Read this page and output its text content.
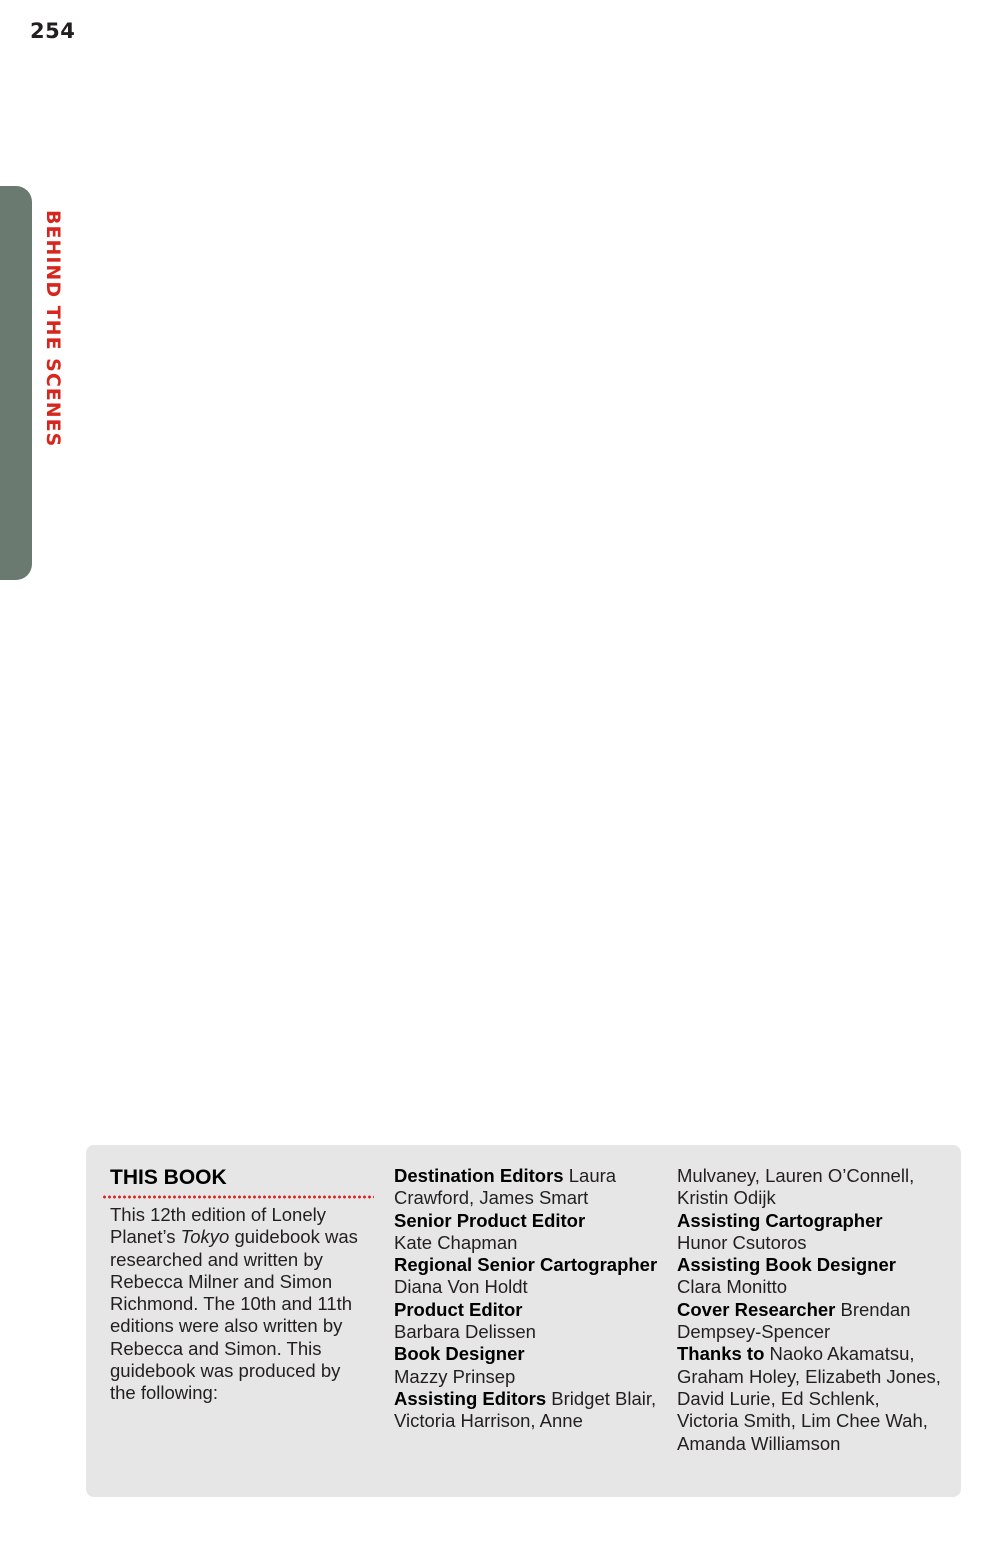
254
BEHIND THE SCENES
THIS BOOK

This 12th edition of Lonely Planet’s Tokyo guidebook was researched and written by Rebecca Milner and Simon Richmond. The 10th and 11th editions were also written by Rebecca and Simon. This guidebook was produced by the following:

Destination Editors Laura Crawford, James Smart

Senior Product Editor
Kate Chapman

Regional Senior Cartographer
Diana Von Holdt

Product Editor
Barbara Delissen

Book Designer
Mazzy Prinsep

Assisting Editors Bridget Blair, Victoria Harrison, Anne

Mulvaney, Lauren O’Connell, Kristin Odijk

Assisting Cartographer
Hunor Csutoros

Assisting Book Designer
Clara Monitto

Cover Researcher Brendan Dempsey-Spencer

Thanks to Naoko Akamatsu, Graham Holey, Elizabeth Jones, David Lurie, Ed Schlenk, Victoria Smith, Lim Chee Wah, Amanda Williamson
